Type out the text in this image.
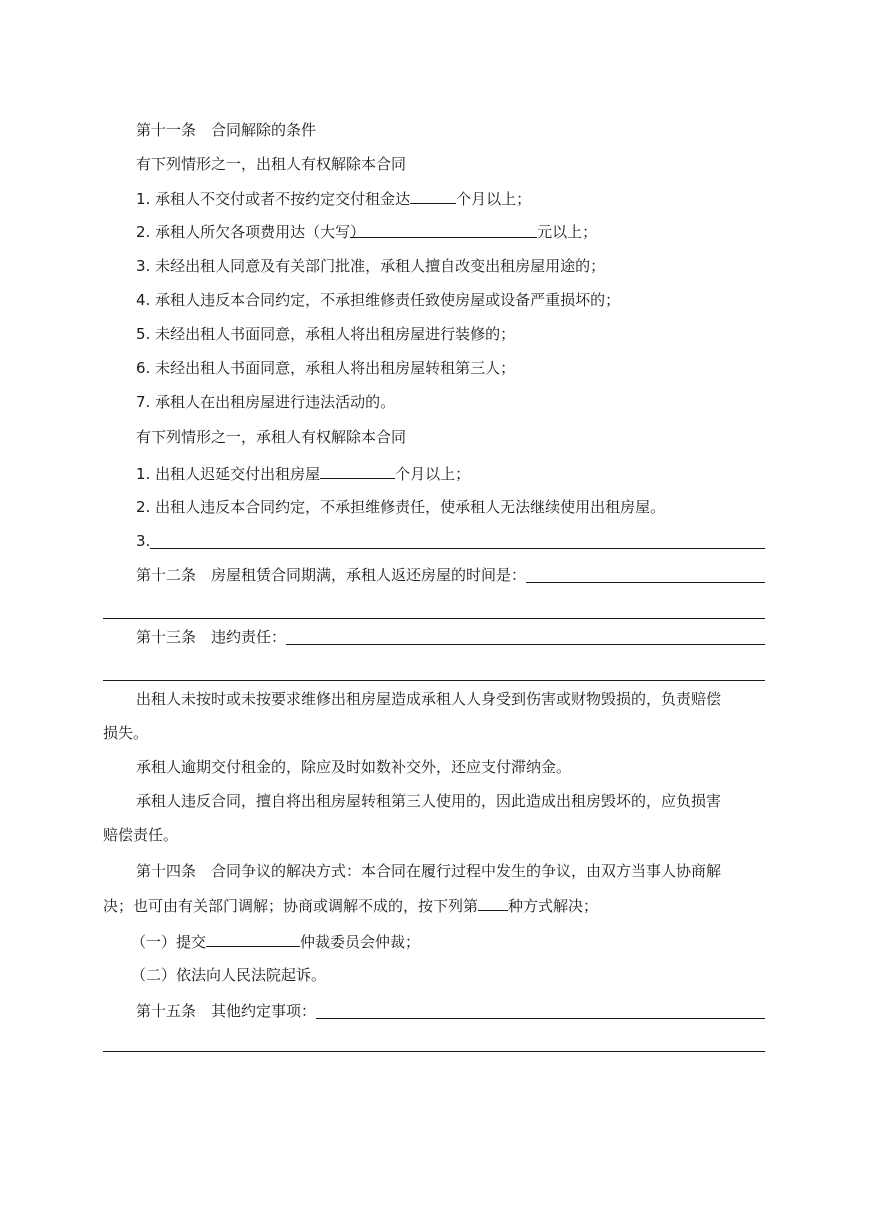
第十一条　合同解除的条件
有下列情形之一，出租人有权解除本合同
1. 承租人不交付或者不按约定交付租金达	个月以上；
2. 承租人所欠各项费用达（大写）	元以上；
3. 未经出租人同意及有关部门批准，承租人擅自改变出租房屋用途的；
4. 承租人违反本合同约定，不承担维修责任致使房屋或设备严重损坏的；
5. 未经出租人书面同意，承租人将出租房屋进行装修的；
6. 未经出租人书面同意，承租人将出租房屋转租第三人；
7. 承租人在出租房屋进行违法活动的。
有下列情形之一，承租人有权解除本合同
1. 出租人迟延交付出租房屋	个月以上；
2. 出租人违反本合同约定，不承担维修责任，使承租人无法继续使用出租房屋。
3.
第十二条　房屋租赁合同期满，承租人返还房屋的时间是：
第十三条　违约责任：
出租人未按时或未按要求维修出租房屋造成承租人人身受到伤害或财物毁损的，负责赔偿
损失。
承租人逾期交付租金的，除应及时如数补交外，还应支付滞纳金。
承租人违反合同，擅自将出租房屋转租第三人使用的，因此造成出租房毁坏的，应负损害
赔偿责任。
第十四条　合同争议的解决方式：本合同在履行过程中发生的争议，由双方当事人协商解
决；也可由有关部门调解；协商或调解不成的，按下列第 种方式解决；
（一）提交	仲裁委员会仲裁；
（二）依法向人民法院起诉。
第十五条　其他约定事项：
